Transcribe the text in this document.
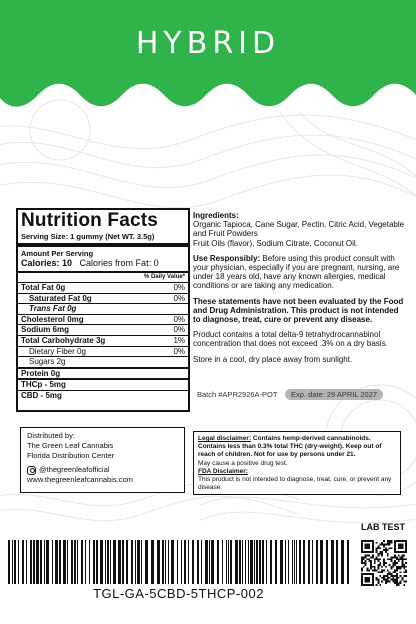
HYBRID
Nutrition Facts
Serving Size: 1 gummy (Net WT. 3.5g)
Amount Per Serving
Calories: 10 Calories from Fat: 0
% Daily Value*
Total Fat 0g	0%
Saturated Fat 0g	0%
Trans Fat 0g
Cholesterol 0mg	0%
Sodium 6mg	0%
Total Carbohydrate 3g	1%
Dietary Fiber 0g	0%
Sugars 2g
Protein 0g
THCp - 5mg
CBD - 5mg

Ingredients:

Organic Tapioca, Cane Sugar, Pectin, Citric Acid, Vegetable and Fruit Powders
Fruit Oils (flavor), Sodium Citrate, Coconut Oil.

Use Responsibly: Before using this product consult with your physician, especially if you are pregnant, nursing, are under 18 years old, have any known allergies, medical conditions or are taking any medication.

These statements have not been evaluated by the Food and Drug Administration. This product is not intended to diagnose, treat, cure or prevent any disease.

Product contains a total delta-9 tetrahydrocannabinol concentration that does not exceed .3% on a dry basis.

Store in a cool, dry place away from sunlight.

Batch #APR2926A-POT	Exp. date: 29 APRIL 2027
Distributed by:
The Green Leaf Cannabis
Florida Distribution Center
@thegreenleafofficial
www.thegreenleafcannabis.com

Legal disclaimer: Contains hemp-derived cannabinoids.

Contains less than 0.3% total THC (dry-weight). Keep out of reach of children. Not for use by persons under 21.

May cause a positive drug test.

FDA Disclaimer:

This product is not intended to diagnose, treat, cure, or prevent any disease.

LAB TEST
TGL-GA-5CBD-5THCP-002
